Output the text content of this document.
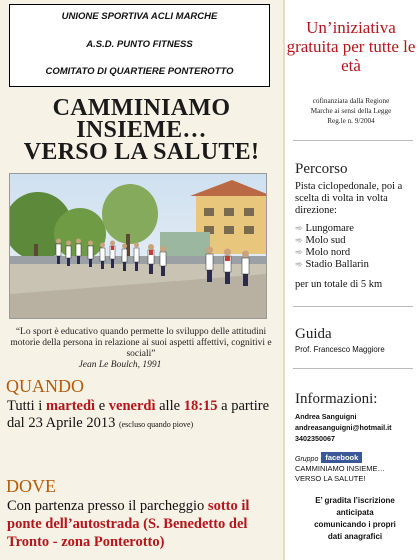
UNIONE SPORTIVA ACLI MARCHE
A.S.D. PUNTO FITNESS
COMITATO DI QUARTIERE PONTEROTTO
CAMMINIAMO
INSIEME…
VERSO LA SALUTE!
“Lo sport è educativo quando permette lo sviluppo delle attitudini motorie della persona in relazione ai suoi aspetti affettivi, cognitivi e sociali”
Jean Le Boulch, 1991
QUANDO
Tutti i martedì e venerdì alle 18:15 a partire dal 23 Aprile 2013 (escluso quando piove)
DOVE
Con partenza presso il parcheggio sotto il ponte dell’autostrada (S. Benedetto del Tronto - zona Ponterotto)
Un’iniziativa gratuita per tutte le età
cofinanziata dalla Regione
Marche ai sensi della Legge
Reg.le n. 9/2004
Percorso
Pista ciclopedonale, poi a scelta di volta in volta direzione:
➾ Lungomare
➾ Molo sud
➾ Molo nord
➾ Stadio Ballarin
per un totale di 5 km
Guida
Prof. Francesco Maggiore
Informazioni:
Andrea Sanguigni
andreasanguigni@hotmail.it
3402350067
Gruppo facebook
CAMMINIAMO INSIEME…
VERSO LA SALUTE!
E’ gradita l’iscrizione
anticipata
comunicando i propri
dati anagrafici
